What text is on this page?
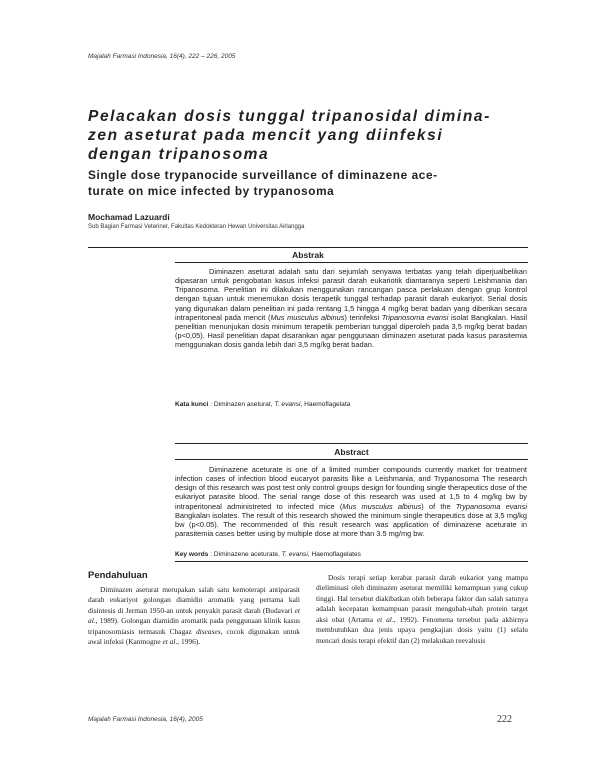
Majalah Farmasi Indonesia, 16(4), 222 – 226, 2005
Pelacakan dosis tunggal tripanosidal dimina-
zen aseturat pada mencit yang diinfeksi
dengan tripanosoma
Single dose trypanocide surveillance of diminazene ace-
turate on mice infected by trypanosoma
Mochamad Lazuardi
Sub Bagian Farmasi Veteriner, Fakultas Kedokteran Hewan Universitas Airlangga
Abstrak

Diminazen aseturat adalah satu dari sejumlah senyawa terbatas yang telah diperjualbelikan dipasaran untuk pengobatan kasus infeksi parasit darah eukariotik diantaranya seperti Leishmania dan Tripanosoma. Penelitian ini dilakukan menggunakan rancangan pasca perlakuan dengan grup kontrol dengan tujuan untuk menemukan dosis terapetik tunggal terhadap parasit darah eukariyot. Serial dosis yang digunakan dalam penelitian ini pada rentang 1,5 hingga 4 mg/kg berat badan yang diberikan secara intraperitoneal pada mencit (Mus musculus albinus) terinfeksi Tripanosoma evansi isolat Bangkalan. Hasil penelitian menunjukan dosis minimum terapetik pemberian tunggal diperoleh pada 3,5 mg/kg berat badan (p<0,05). Hasil penelitian dapat disarankan agar penggunaan diminazen aseturat pada kasus parasitemia menggunakan dosis ganda lebih dari 3,5 mg/kg berat badan.

Kata kunci : Diminazen aseturat, T. evansi, Haemoflagelata
Abstract

Diminazene aceturate is one of a limited number compounds currently market for treatment infection cases of infection blood eucaryot parasits llike a Leishmania, and Trypanosoma The research design of this research was post test only control groups design for founding single therapeutics dose of the eukariyot parasite blood. The serial range dose of this research was used at 1,5 to 4 mg/kg bw by intraperitoneal administreted to infected mice (Mus musculus albinus) of the Trypanosoma evansi Bangkalan isolates. The result of this research showed the minimum single therapeutics dose at 3,5 mg/kg bw (p<0.05). The recommended of this result research was application of diminazene aceturate in parasitemia cases better using by multiple dose at more than 3.5 mg/mg bw.

Key words : Diminazene aceturate, T. evansi, Haemoflagelates
Pendahuluan

Diminazen aseturat merupakan salah satu kemoterapi antiparasit darah eukariyot golongan diamidin aromatik yang pertama kali disintesis di Jerman 1950-an untuk penyakit parasit darah (Budavari et al., 1989). Golongan diamidin aromatik pada penggunaan klinik kasus tripanosomiasis termasuk Chagaz diseases, cocok digunakan untuk awal infeksi (Kanmogne et al., 1996).

Dosis terapi setiap kerabat parasit darah eukariot yang mampu dieliminasi oleh diminazen aseturat memiliki kemampuan yang cukup tinggi. Hal tersebut diakibatkan oleh beberapa faktor dan salah satunya adalah kecepatan kemampuan parasit mengubah-ubah protein target aksi obat (Artama et al., 1992). Fenomena tersebut pada akhirnya membutuhkan dua jenis upaya pengkajian dosis yaitu (1) selalu mencari dosis terapi efektif dan (2) melakukan reevalusis

Majalah Farmasi Indonesia, 16(4), 2005	222
